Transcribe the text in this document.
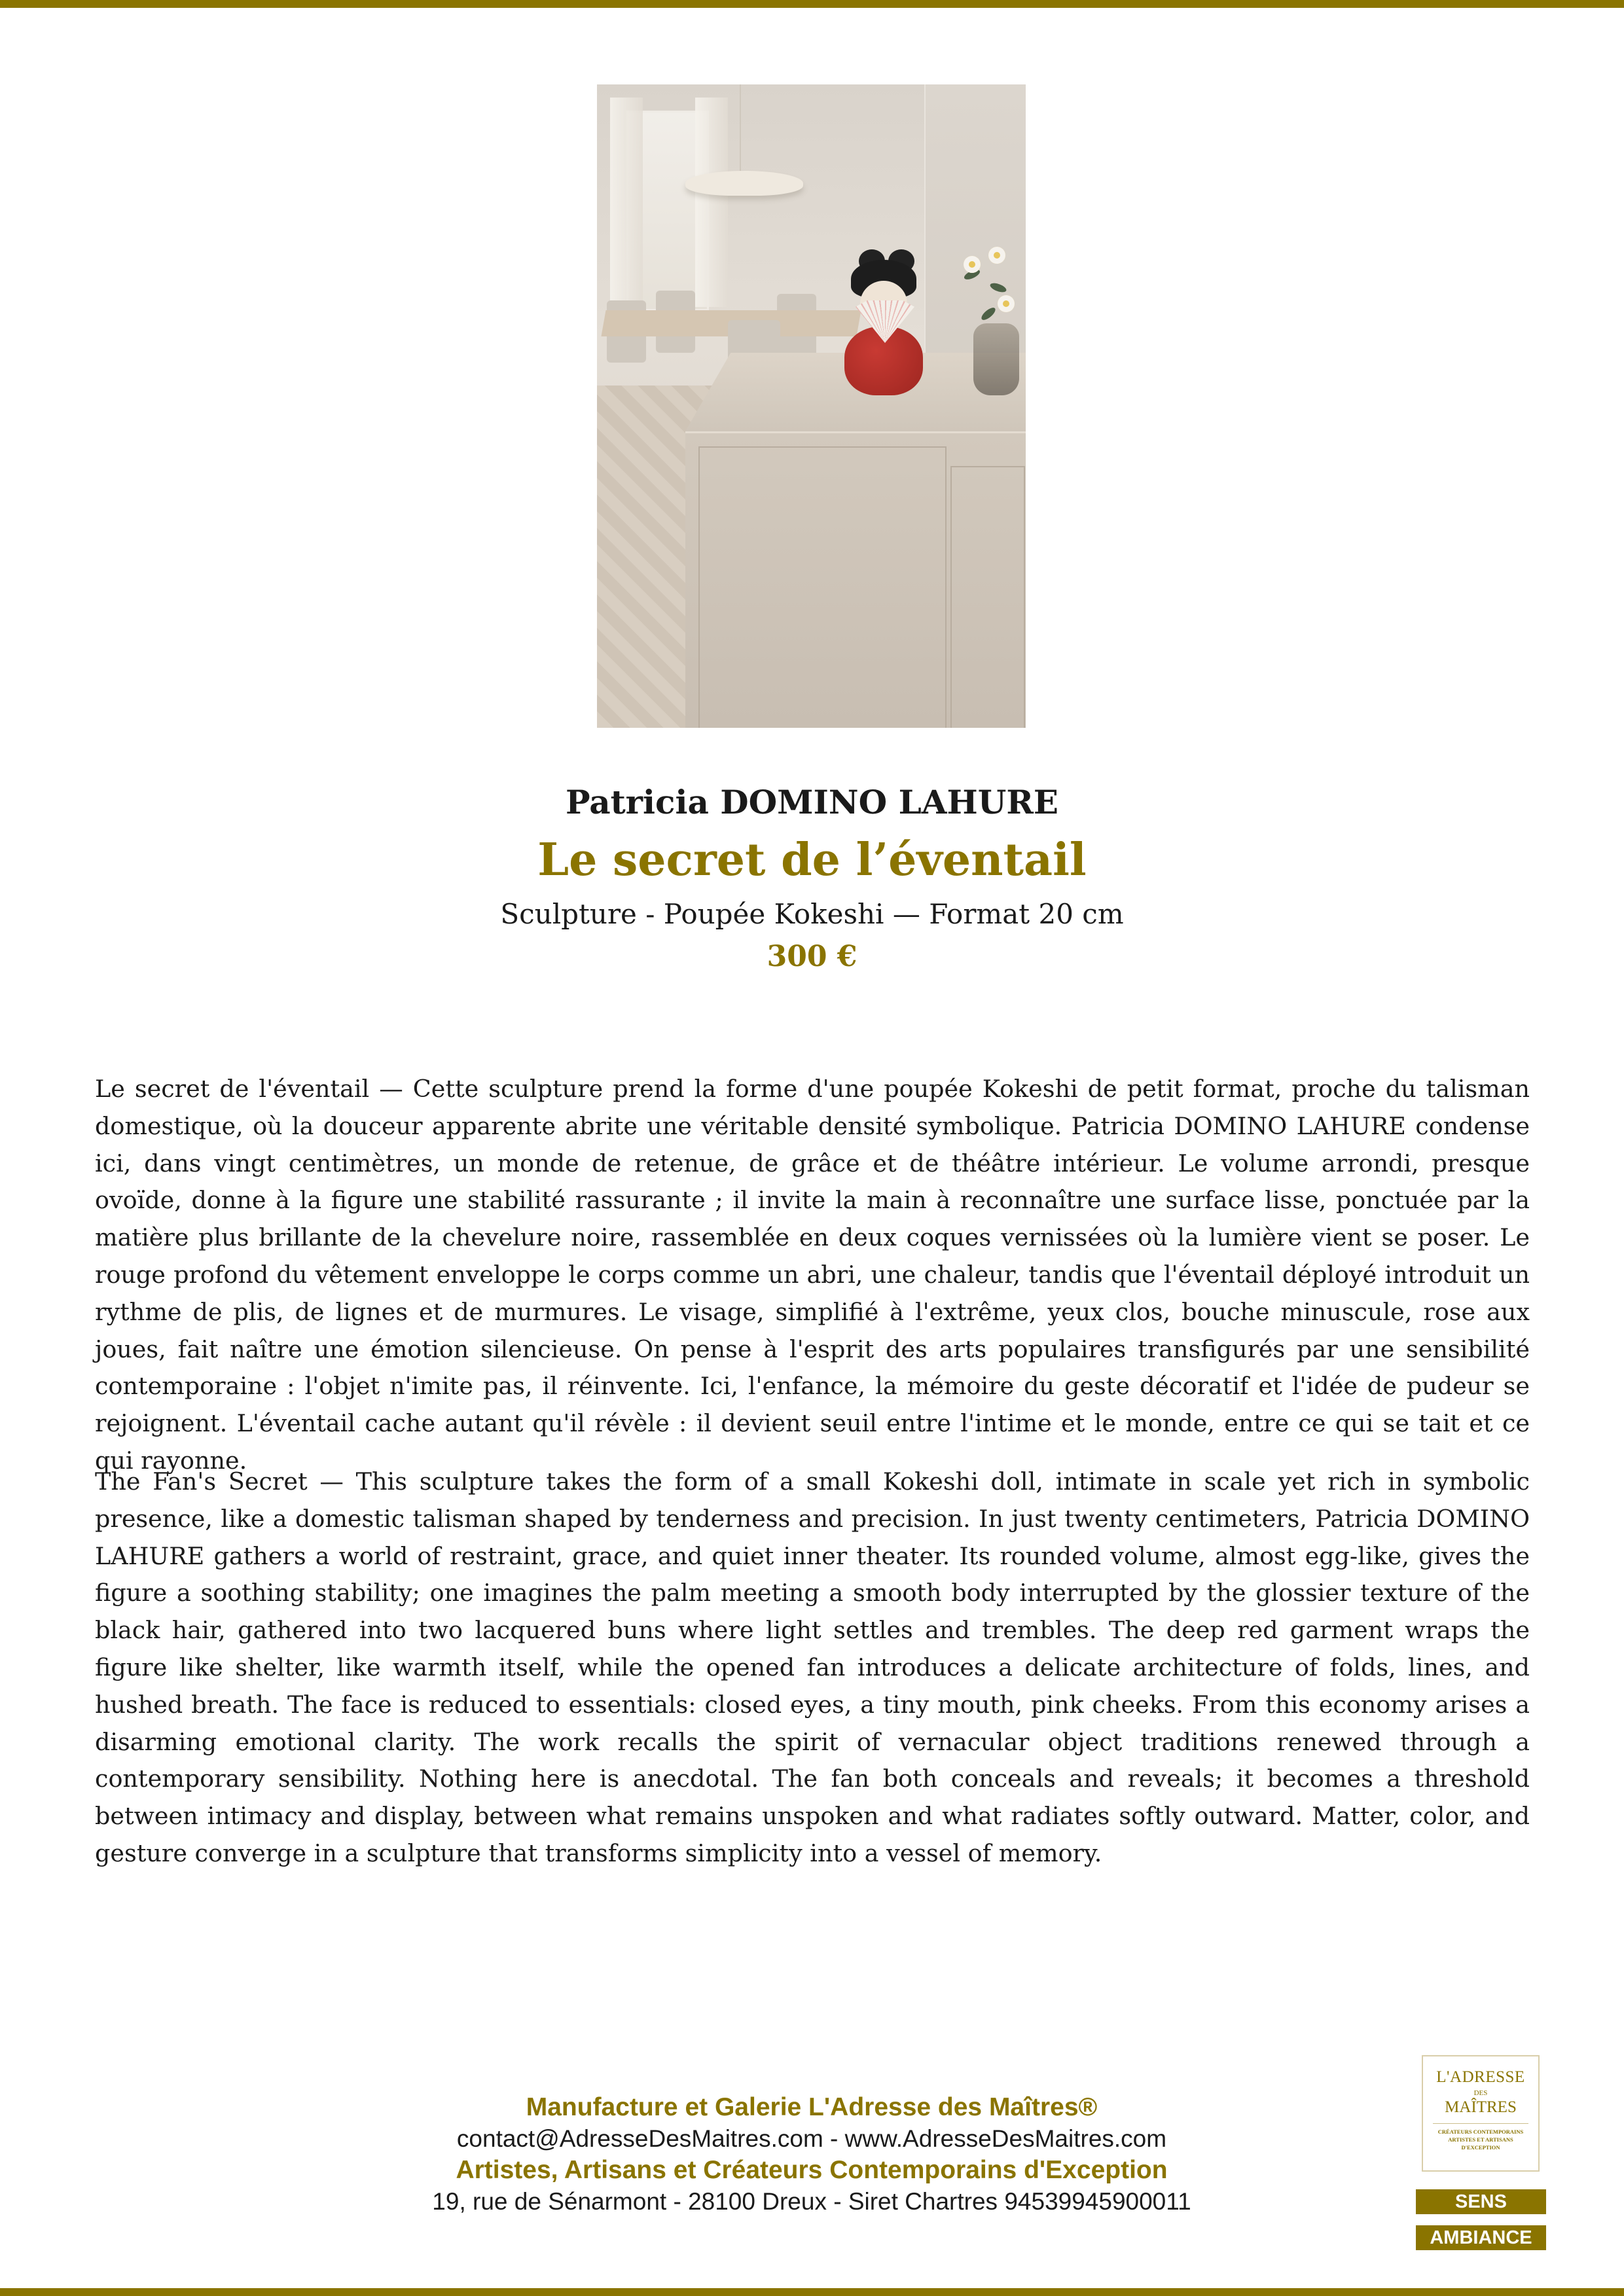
Patricia DOMINO LAHURE
Le secret de l’éventail
Sculpture - Poupée Kokeshi — Format 20 cm
300 €

Le secret de l'éventail — Cette sculpture prend la forme d'une poupée Kokeshi de petit format, proche du talisman domestique, où la douceur apparente abrite une véritable densité symbolique. Patricia DOMINO LAHURE condense ici, dans vingt centimètres, un monde de retenue, de grâce et de théâtre intérieur. Le volume arrondi, presque ovoïde, donne à la figure une stabilité rassurante ; il invite la main à reconnaître une surface lisse, ponctuée par la matière plus brillante de la chevelure noire, rassemblée en deux coques vernissées où la lumière vient se poser. Le rouge profond du vêtement enveloppe le corps comme un abri, une chaleur, tandis que l'éventail déployé introduit un rythme de plis, de lignes et de murmures. Le visage, simplifié à l'extrême, yeux clos, bouche minuscule, rose aux joues, fait naître une émotion silencieuse. On pense à l'esprit des arts populaires transfigurés par une sensibilité contemporaine : l'objet n'imite pas, il réinvente. Ici, l'enfance, la mémoire du geste décoratif et l'idée de pudeur se rejoignent. L'éventail cache autant qu'il révèle : il devient seuil entre l'intime et le monde, entre ce qui se tait et ce qui rayonne.

The Fan's Secret — This sculpture takes the form of a small Kokeshi doll, intimate in scale yet rich in symbolic presence, like a domestic talisman shaped by tenderness and precision. In just twenty centimeters, Patricia DOMINO LAHURE gathers a world of restraint, grace, and quiet inner theater. Its rounded volume, almost egg-like, gives the figure a soothing stability; one imagines the palm meeting a smooth body interrupted by the glossier texture of the black hair, gathered into two lacquered buns where light settles and trembles. The deep red garment wraps the figure like shelter, like warmth itself, while the opened fan introduces a delicate architecture of folds, lines, and hushed breath. The face is reduced to essentials: closed eyes, a tiny mouth, pink cheeks. From this economy arises a disarming emotional clarity. The work recalls the spirit of vernacular object traditions renewed through a contemporary sensibility. Nothing here is anecdotal. The fan both conceals and reveals; it becomes a threshold between intimacy and display, between what remains unspoken and what radiates softly outward. Matter, color, and gesture converge in a sculpture that transforms simplicity into a vessel of memory.

Manufacture et Galerie L'Adresse des Maîtres®
contact@AdresseDesMaitres.com - www.AdresseDesMaitres.com
Artistes, Artisans et Créateurs Contemporains d'Exception
19, rue de Sénarmont - 28100 Dreux - Siret Chartres 94539945900011
L'ADRESSE
DES
MAÎTRES
CRÉATEURS CONTEMPORAINS
ARTISTES ET ARTISANS
D'EXCEPTION
SENS
AMBIANCE
